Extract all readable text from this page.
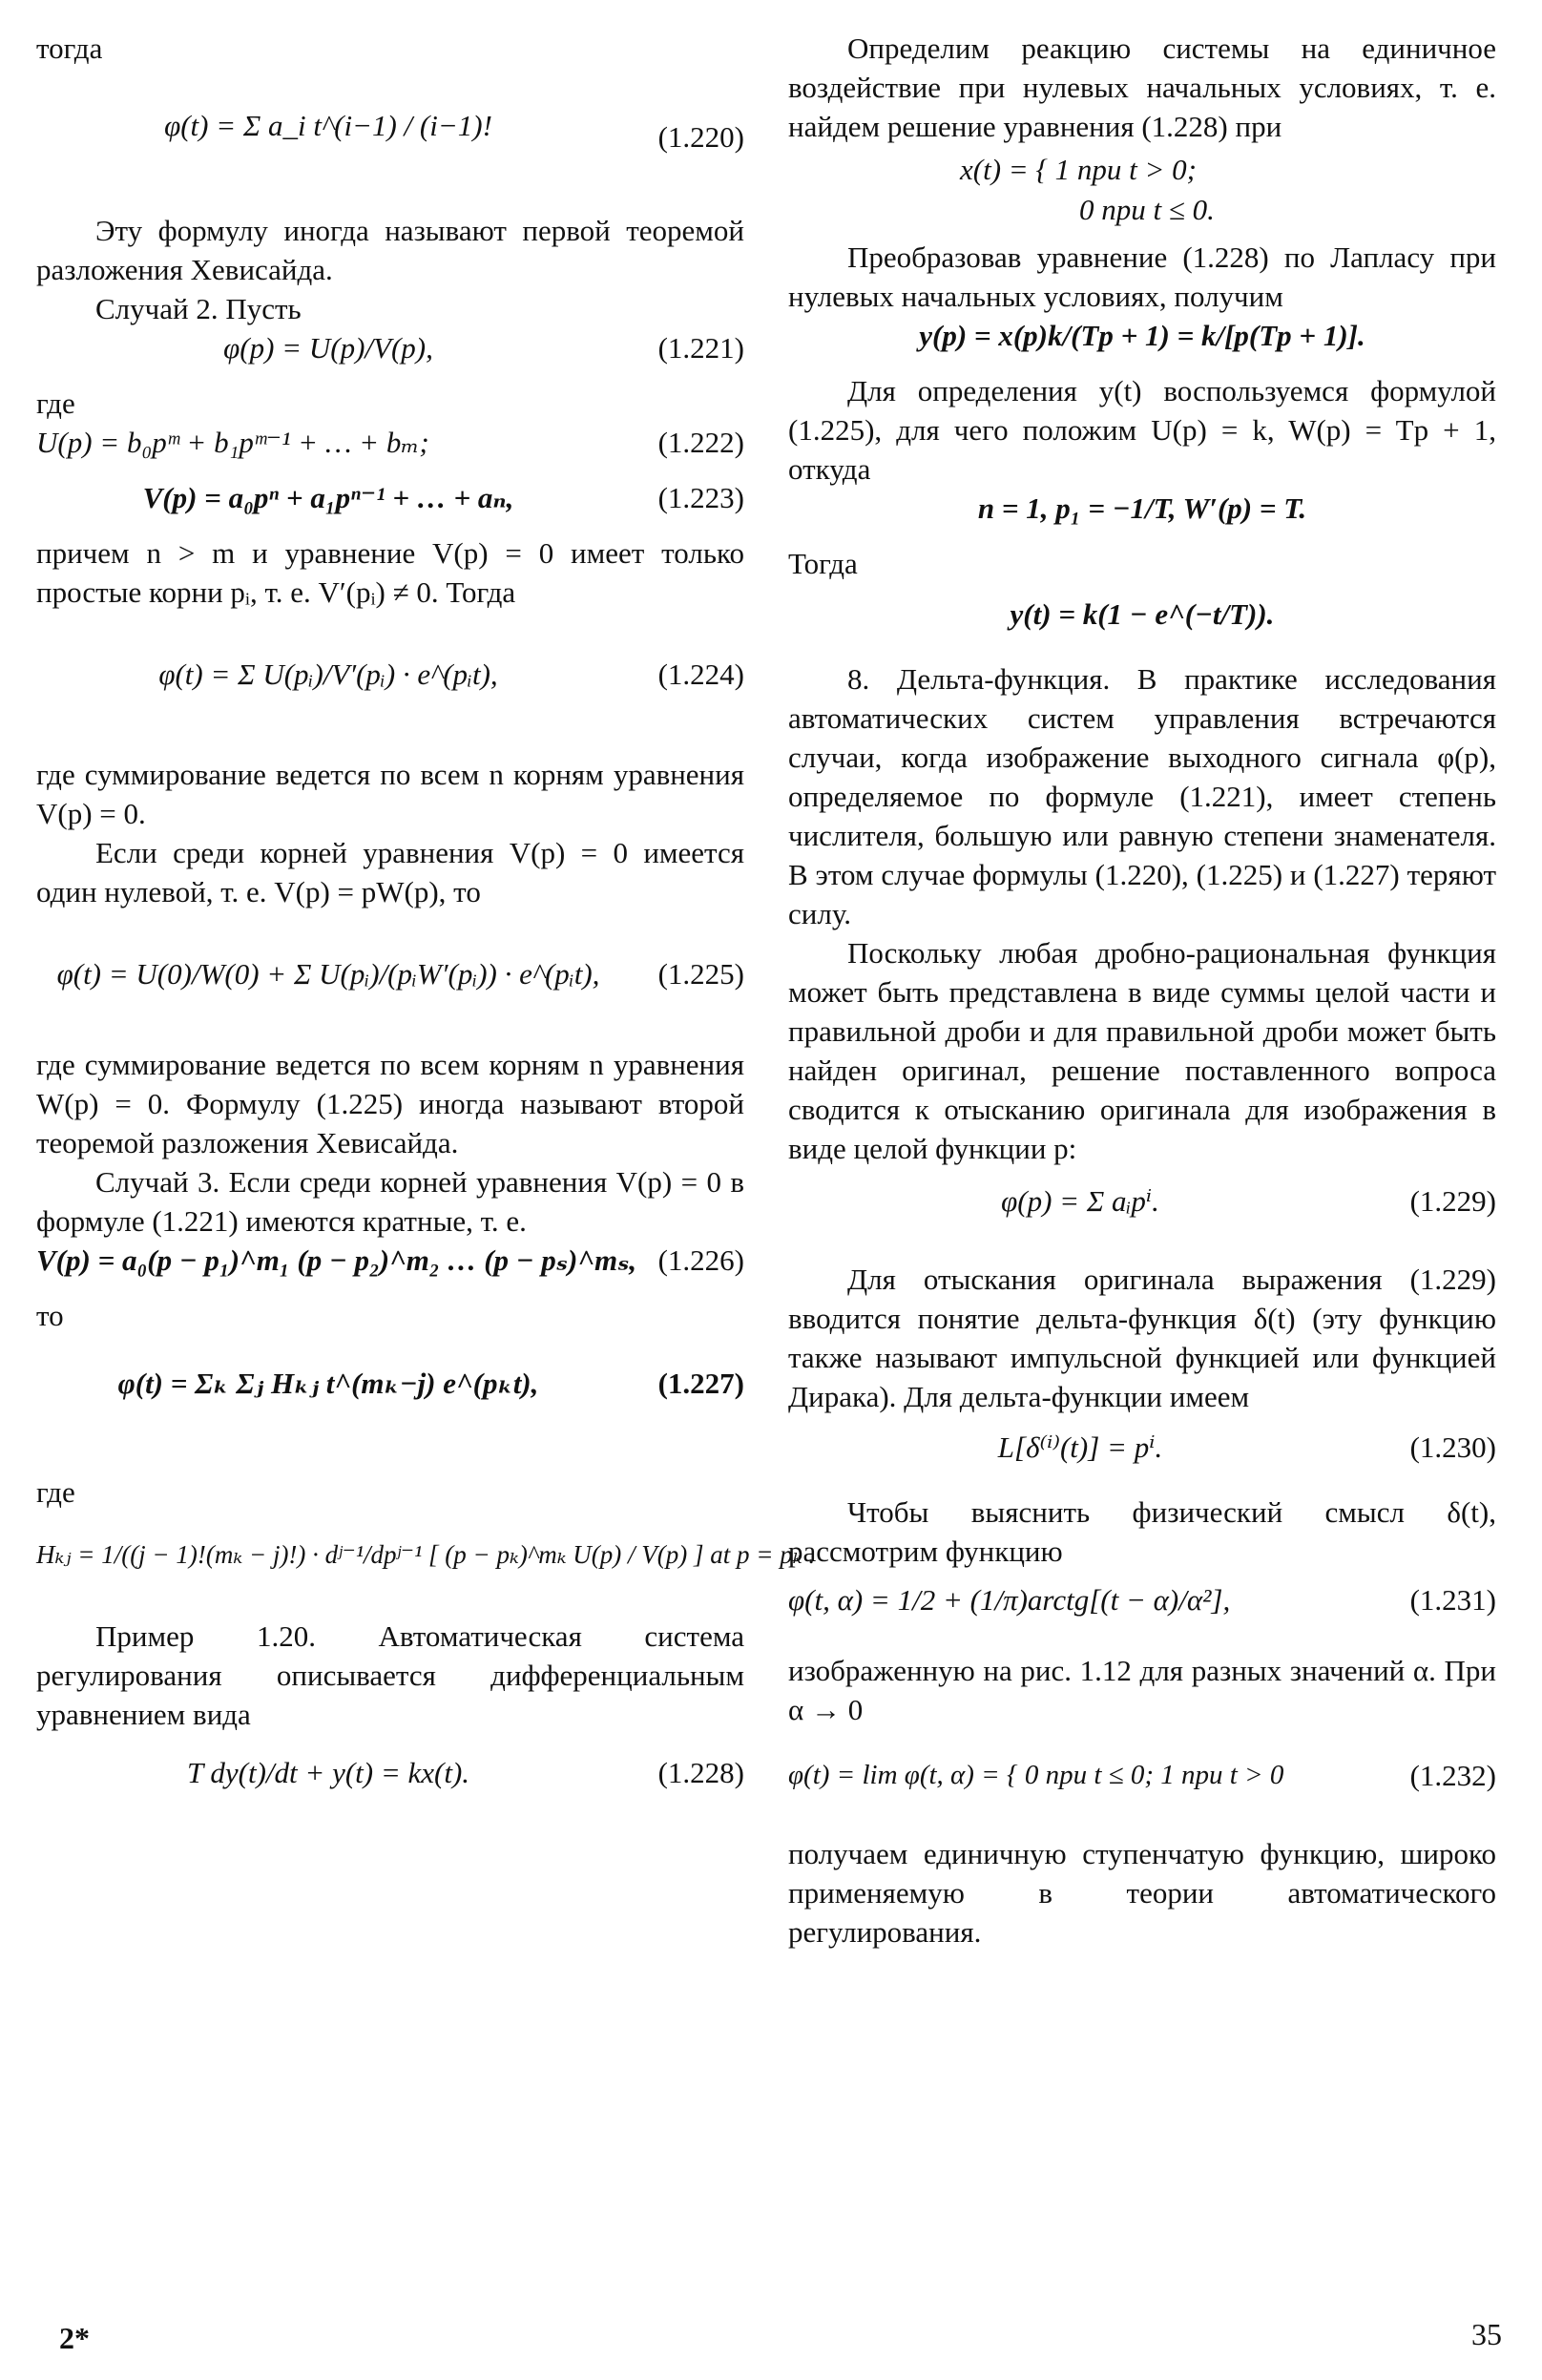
тогда

φ(t) = Σ a_i t^(i−1) / (i−1)!	(1.220)

Эту формулу иногда называют первой теоремой разложения Хевисайда.

Случай 2. Пусть

φ(p) = U(p)/V(p),	(1.221)

где

U(p) = b₀pᵐ + b₁pᵐ⁻¹ + … + bₘ;	(1.222)
V(p) = a₀pⁿ + a₁pⁿ⁻¹ + … + aₙ,	(1.223)

причем n > m и уравнение V(p) = 0 имеет только простые корни pᵢ, т. е. V′(pᵢ) ≠ 0. Тогда

φ(t) = Σ U(pᵢ)/V′(pᵢ) · e^(pᵢt),	(1.224)

где суммирование ведется по всем n корням уравнения V(p) = 0.

Если среди корней уравнения V(p) = 0 имеется один нулевой, т. е. V(p) = pW(p), то

φ(t) = U(0)/W(0) + Σ U(pᵢ)/(pᵢW′(pᵢ)) · e^(pᵢt),	(1.225)

где суммирование ведется по всем корням n уравнения W(p) = 0. Формулу (1.225) иногда называют второй теоремой разложения Хевисайда.

Случай 3. Если среди корней уравнения V(p) = 0 в формуле (1.221) имеются кратные, т. е.

V(p) = a₀(p − p₁)^m₁ (p − p₂)^m₂ … (p − pₛ)^mₛ, (1.226)

то

φ(t) = Σₖ Σⱼ Hₖⱼ t^(mₖ−j) e^(pₖt),	(1.227)

где

Hₖⱼ = 1/((j − 1)!(mₖ − j)!) · dʲ⁻¹/dpʲ⁻¹ [ (p − pₖ)^mₖ U(p) / V(p) ] at p = pₖ .

Пример 1.20. Автоматическая система регулирования описывается дифференциальным уравнением вида

T dy(t)/dt + y(t) = kx(t).	(1.228)

Определим реакцию системы на единичное воздействие при нулевых начальных условиях, т. е. найдем решение уравнения (1.228) при

x(t) = { 1 при t > 0;
0 при t ≤ 0.

Преобразовав уравнение (1.228) по Лапласу при нулевых начальных условиях, получим

y(p) = x(p)k/(Tp + 1) = k/[p(Tp + 1)].

Для определения y(t) воспользуемся формулой (1.225), для чего положим U(p) = k, W(p) = Tp + 1, откуда

n = 1, p₁ = −1/T, W′(p) = T.

Тогда

y(t) = k(1 − e^(−t/T)).

8. Дельта-функция. В практике исследования автоматических систем управления встречаются случаи, когда изображение выходного сигнала φ(p), определяемое по формуле (1.221), имеет степень числителя, большую или равную степени знаменателя. В этом случае формулы (1.220), (1.225) и (1.227) теряют силу.

Поскольку любая дробно-рациональная функция может быть представлена в виде суммы целой части и правильной дроби и для правильной дроби может быть найден оригинал, решение поставленного вопроса сводится к отысканию оригинала для изображения в виде целой функции p:

φ(p) = Σ aᵢpⁱ.	(1.229)

Для отыскания оригинала выражения (1.229) вводится понятие дельта-функция δ(t) (эту функцию также называют импульсной функцией или функцией Дирака). Для дельта-функции имеем

L[δ⁽ⁱ⁾(t)] = pⁱ.	(1.230)

Чтобы выяснить физический смысл δ(t), рассмотрим функцию

φ(t, α) = 1/2 + (1/π)arctg[(t − α)/α²],	(1.231)

изображенную на рис. 1.12 для разных значений α. При α → 0

φ(t) = lim φ(t, α) = { 0 при t ≤ 0; 1 при t > 0	(1.232)

получаем единичную ступенчатую функцию, широко применяемую в теории автоматического регулирования.

2*	35
